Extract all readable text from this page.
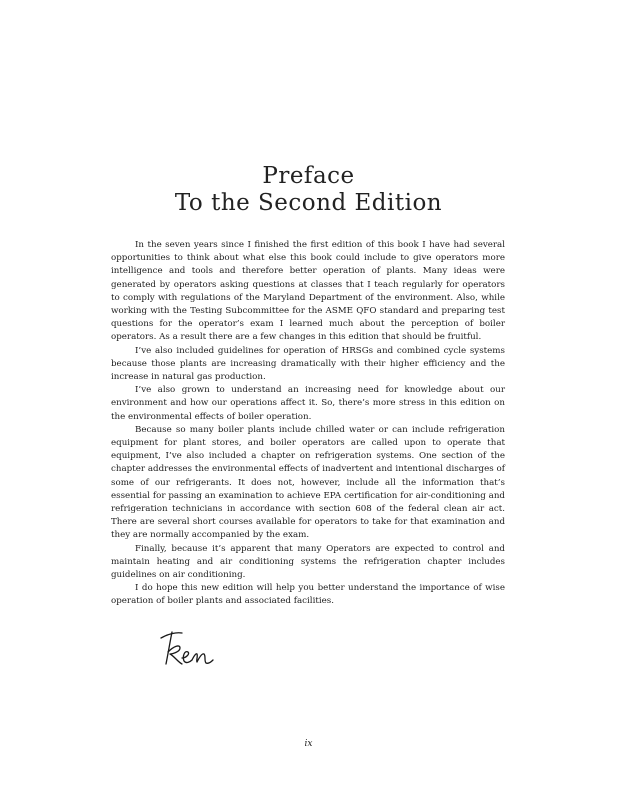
Preface
To the Second Edition

In the seven years since I finished the first edition of this book I have had several opportunities to think about what else this book could include to give operators more intelligence and tools and therefore better operation of plants. Many ideas were generated by operators asking questions at classes that I teach regularly for operators to comply with regulations of the Maryland Department of the environment. Also, while working with the Testing Subcommittee for the ASME QFO standard and preparing test questions for the operator’s exam I learned much about the perception of boiler operators. As a result there are a few changes in this edition that should be fruitful.

I’ve also included guidelines for operation of HRSGs and combined cycle systems because those plants are increasing dramatically with their higher efficiency and the increase in natural gas production.

I’ve also grown to understand an increasing need for knowledge about our environment and how our operations affect it. So, there’s more stress in this edition on the environmental effects of boiler operation.

Because so many boiler plants include chilled water or can include refrigeration equipment for plant stores, and boiler operators are called upon to operate that equipment, I’ve also included a chapter on refrigeration systems. One section of the chapter addresses the environmental effects of inadvertent and intentional discharges of some of our refrigerants. It does not, however, include all the information that’s essential for passing an examination to achieve EPA certification for air-conditioning and refrigeration technicians in accordance with section 608 of the federal clean air act. There are several short courses available for operators to take for that examination and they are normally accompanied by the exam.

Finally, because it’s apparent that many Operators are expected to control and maintain heating and air conditioning systems the refrigeration chapter includes guidelines on air conditioning.

I do hope this new edition will help you better understand the importance of wise operation of boiler plants and associated facilities.

ix
